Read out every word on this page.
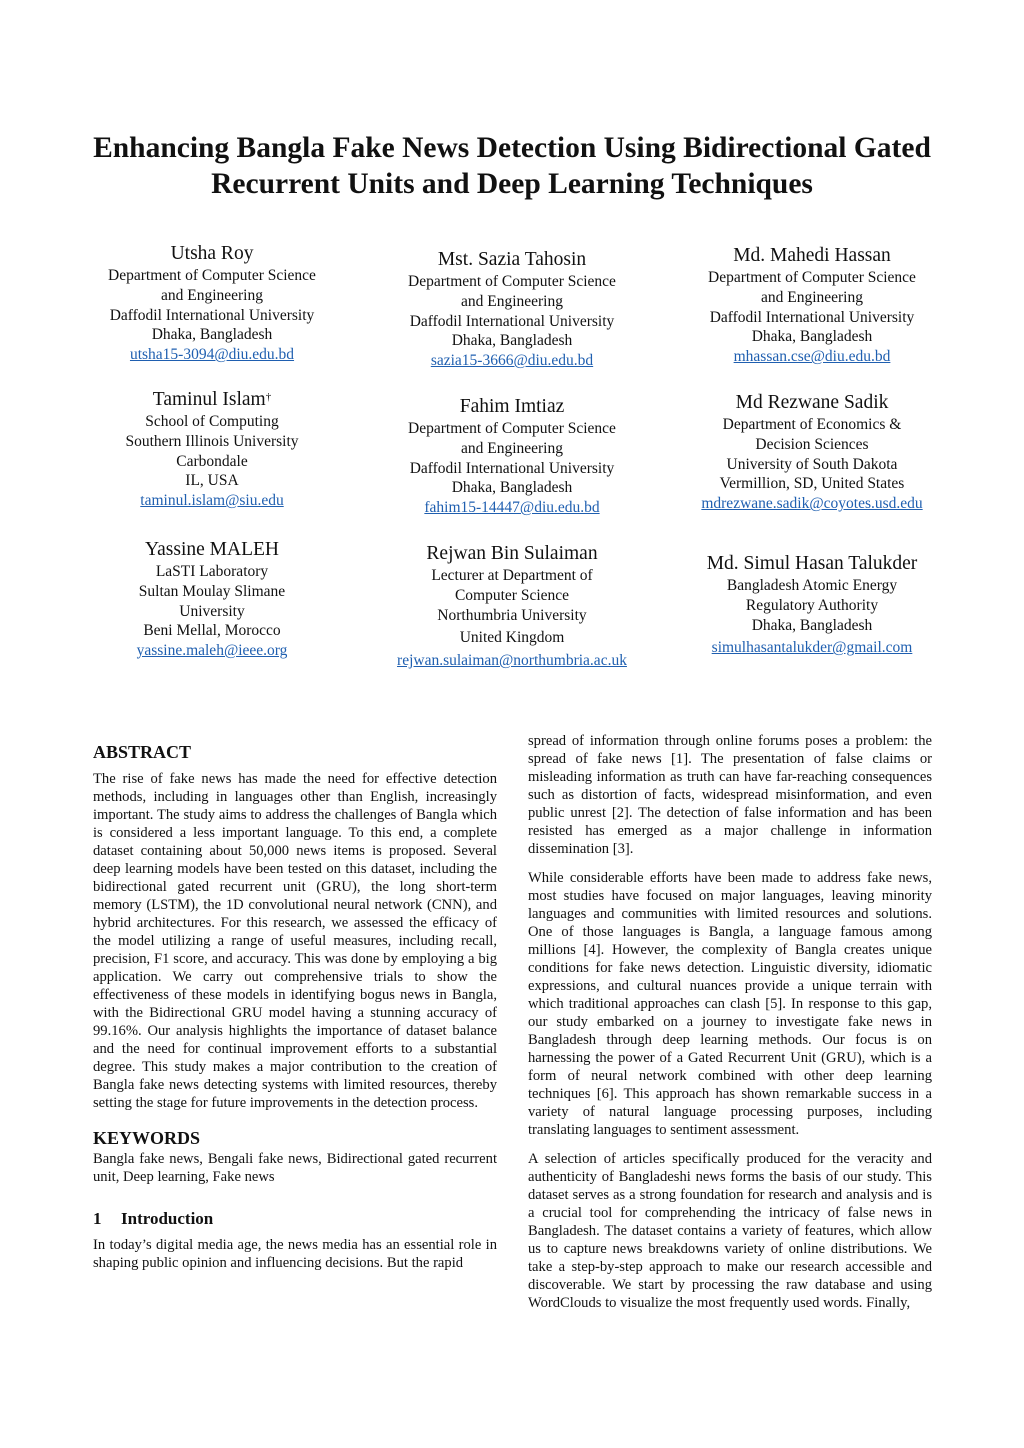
Enhancing Bangla Fake News Detection Using Bidirectional Gated Recurrent Units and Deep Learning Techniques
Utsha Roy
Department of Computer Science
and Engineering
Daffodil International University
Dhaka, Bangladesh
utsha15-3094@diu.edu.bd
Mst. Sazia Tahosin
Department of Computer Science
and Engineering
Daffodil International University
Dhaka, Bangladesh
sazia15-3666@diu.edu.bd
Md. Mahedi Hassan
Department of Computer Science
and Engineering
Daffodil International University
Dhaka, Bangladesh
mhassan.cse@diu.edu.bd
Taminul Islam†
School of Computing
Southern Illinois University
Carbondale
IL, USA
taminul.islam@siu.edu
Fahim Imtiaz
Department of Computer Science
and Engineering
Daffodil International University
Dhaka, Bangladesh
fahim15-14447@diu.edu.bd
Md Rezwane Sadik
Department of Economics &
Decision Sciences
University of South Dakota
Vermillion, SD, United States
mdrezwane.sadik@coyotes.usd.edu
Yassine MALEH
LaSTI Laboratory
Sultan Moulay Slimane
University
Beni Mellal, Morocco
yassine.maleh@ieee.org
Rejwan Bin Sulaiman
Lecturer at Department of
Computer Science
Northumbria University
United Kingdom
rejwan.sulaiman@northumbria.ac.uk
Md. Simul Hasan Talukder
Bangladesh Atomic Energy
Regulatory Authority
Dhaka, Bangladesh
simulhasantalukder@gmail.com
ABSTRACT

The rise of fake news has made the need for effective detection methods, including in languages other than English, increasingly important. The study aims to address the challenges of Bangla which is considered a less important language. To this end, a complete dataset containing about 50,000 news items is proposed. Several deep learning models have been tested on this dataset, including the bidirectional gated recurrent unit (GRU), the long short-term memory (LSTM), the 1D convolutional neural network (CNN), and hybrid architectures. For this research, we assessed the efficacy of the model utilizing a range of useful measures, including recall, precision, F1 score, and accuracy. This was done by employing a big application. We carry out comprehensive trials to show the effectiveness of these models in identifying bogus news in Bangla, with the Bidirectional GRU model having a stunning accuracy of 99.16%. Our analysis highlights the importance of dataset balance and the need for continual improvement efforts to a substantial degree. This study makes a major contribution to the creation of Bangla fake news detecting systems with limited resources, thereby setting the stage for future improvements in the detection process.

KEYWORDS

Bangla fake news, Bengali fake news, Bidirectional gated recurrent unit, Deep learning, Fake news

1 Introduction

In today’s digital media age, the news media has an essential role in shaping public opinion and influencing decisions. But the rapid

spread of information through online forums poses a problem: the spread of fake news [1]. The presentation of false claims or misleading information as truth can have far-reaching consequences such as distortion of facts, widespread misinformation, and even public unrest [2]. The detection of false information and has been resisted has emerged as a major challenge in information dissemination [3].

While considerable efforts have been made to address fake news, most studies have focused on major languages, leaving minority languages and communities with limited resources and solutions. One of those languages is Bangla, a language famous among millions [4]. However, the complexity of Bangla creates unique conditions for fake news detection. Linguistic diversity, idiomatic expressions, and cultural nuances provide a unique terrain with which traditional approaches can clash [5]. In response to this gap, our study embarked on a journey to investigate fake news in Bangladesh through deep learning methods. Our focus is on harnessing the power of a Gated Recurrent Unit (GRU), which is a form of neural network combined with other deep learning techniques [6]. This approach has shown remarkable success in a variety of natural language processing purposes, including translating languages to sentiment assessment.

A selection of articles specifically produced for the veracity and authenticity of Bangladeshi news forms the basis of our study. This dataset serves as a strong foundation for research and analysis and is a crucial tool for comprehending the intricacy of false news in Bangladesh. The dataset contains a variety of features, which allow us to capture news breakdowns variety of online distributions. We take a step-by-step approach to make our research accessible and discoverable. We start by processing the raw database and using WordClouds to visualize the most frequently used words. Finally,
